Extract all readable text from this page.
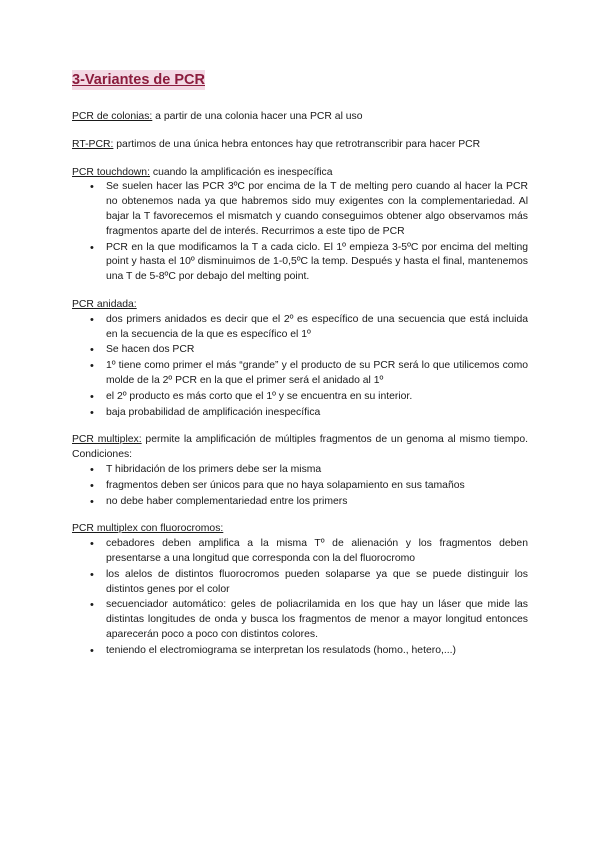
3-Variantes de PCR

PCR de colonias: a partir de una colonia hacer una PCR al uso

RT-PCR: partimos de una única hebra entonces hay que retrotranscribir para hacer PCR

PCR touchdown: cuando la amplificación es inespecífica

• Se suelen hacer las PCR 3ºC por encima de la T de melting pero cuando al hacer la PCR no obtenemos nada ya que habremos sido muy exigentes con la complementariedad. Al bajar la T favorecemos el mismatch y cuando conseguimos obtener algo observamos más fragmentos aparte del de interés. Recurrimos a este tipo de PCR
• PCR en la que modificamos la T a cada ciclo. El 1º empieza 3-5ºC por encima del melting point y hasta el 10º disminuimos de 1-0,5ºC la temp. Después y hasta el final, mantenemos una T de 5-8ºC por debajo del melting point.

PCR anidada:

• dos primers anidados es decir que el 2º es específico de una secuencia que está incluida en la secuencia de la que es específico el 1º
• Se hacen dos PCR
• 1º tiene como primer el más “grande” y el producto de su PCR será lo que utilicemos como molde de la 2º PCR en la que el primer será el anidado al 1º
• el 2º producto es más corto que el 1º y se encuentra en su interior.
• baja probabilidad de amplificación inespecífica

PCR multiplex: permite la amplificación de múltiples fragmentos de un genoma al mismo tiempo. Condiciones:

• T hibridación de los primers debe ser la misma
• fragmentos deben ser únicos para que no haya solapamiento en sus tamaños
• no debe haber complementariedad entre los primers

PCR multiplex con fluorocromos:

• cebadores deben amplifica a la misma Tº de alienación y los fragmentos deben presentarse a una longitud que corresponda con la del fluorocromo
• los alelos de distintos fluorocromos pueden solaparse ya que se puede distinguir los distintos genes por el color
• secuenciador automático: geles de poliacrilamida en los que hay un láser que mide las distintas longitudes de onda y busca los fragmentos de menor a mayor longitud entonces aparecerán poco a poco con distintos colores.
• teniendo el electromiograma se interpretan los resulatods (homo., hetero,...)
